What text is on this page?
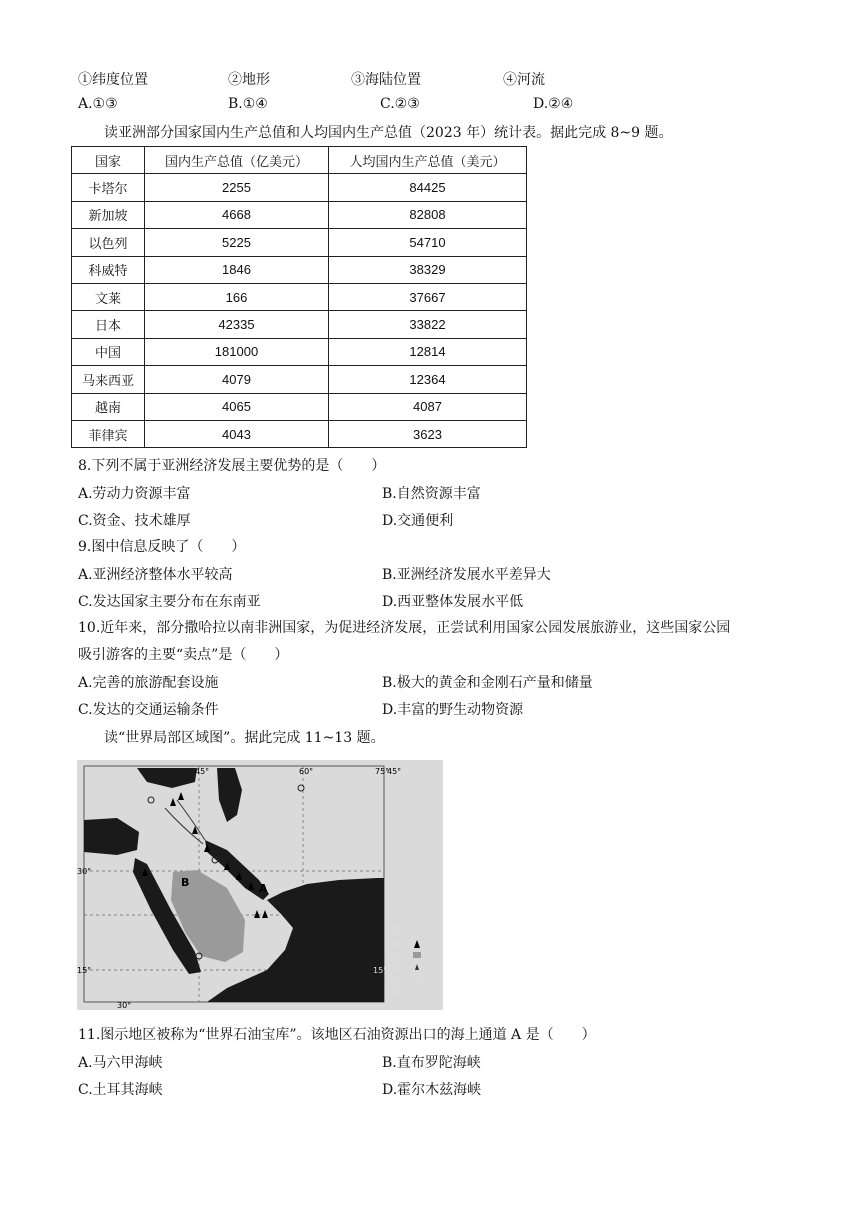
①纬度位置	②地形	③海陆位置	④河流
A.①③	B.①④	C.②③	D.②④
读亚洲部分国家国内生产总值和人均国内生产总值（2023 年）统计表。据此完成 8~9 题。
国家	国内生产总值（亿美元）	人均国内生产总值（美元）
卡塔尔	2255	84425
新加坡	4668	82808
以色列	5225	54710
科威特	1846	38329
文莱	166	37667
日本	42335	33822
中国	181000	12814
马来西亚	4079	12364
越南	4065	4087
菲律宾	4043	3623
8.下列不属于亚洲经济发展主要优势的是（　　）
A.劳动力资源丰富	B.自然资源丰富
C.资金、技术雄厚	D.交通便利
9.图中信息反映了（　　）
A.亚洲经济整体水平较高	B.亚洲经济发展水平差异大
C.发达国家主要分布在东南亚	D.西亚整体发展水平低
10.近年来，部分撒哈拉以南非洲国家，为促进经济发展，正尝试利用国家公园发展旅游业，这些国家公园
吸引游客的主要“卖点”是（　　）
A.完善的旅游配套设施	B.极大的黄金和金刚石产量和储量
C.发达的交通运输条件	D.丰富的野生动物资源
读“世界局部区域图”。据此完成 11~13 题。
45°	60°	75°
45°
30°
15°	15°
30°
A
B
图 例
石油
沙漠
农业区
城市
河流
11.图示地区被称为“世界石油宝库”。该地区石油资源出口的海上通道 A 是（　　）
A.马六甲海峡	B.直布罗陀海峡
C.土耳其海峡	D.霍尔木兹海峡
